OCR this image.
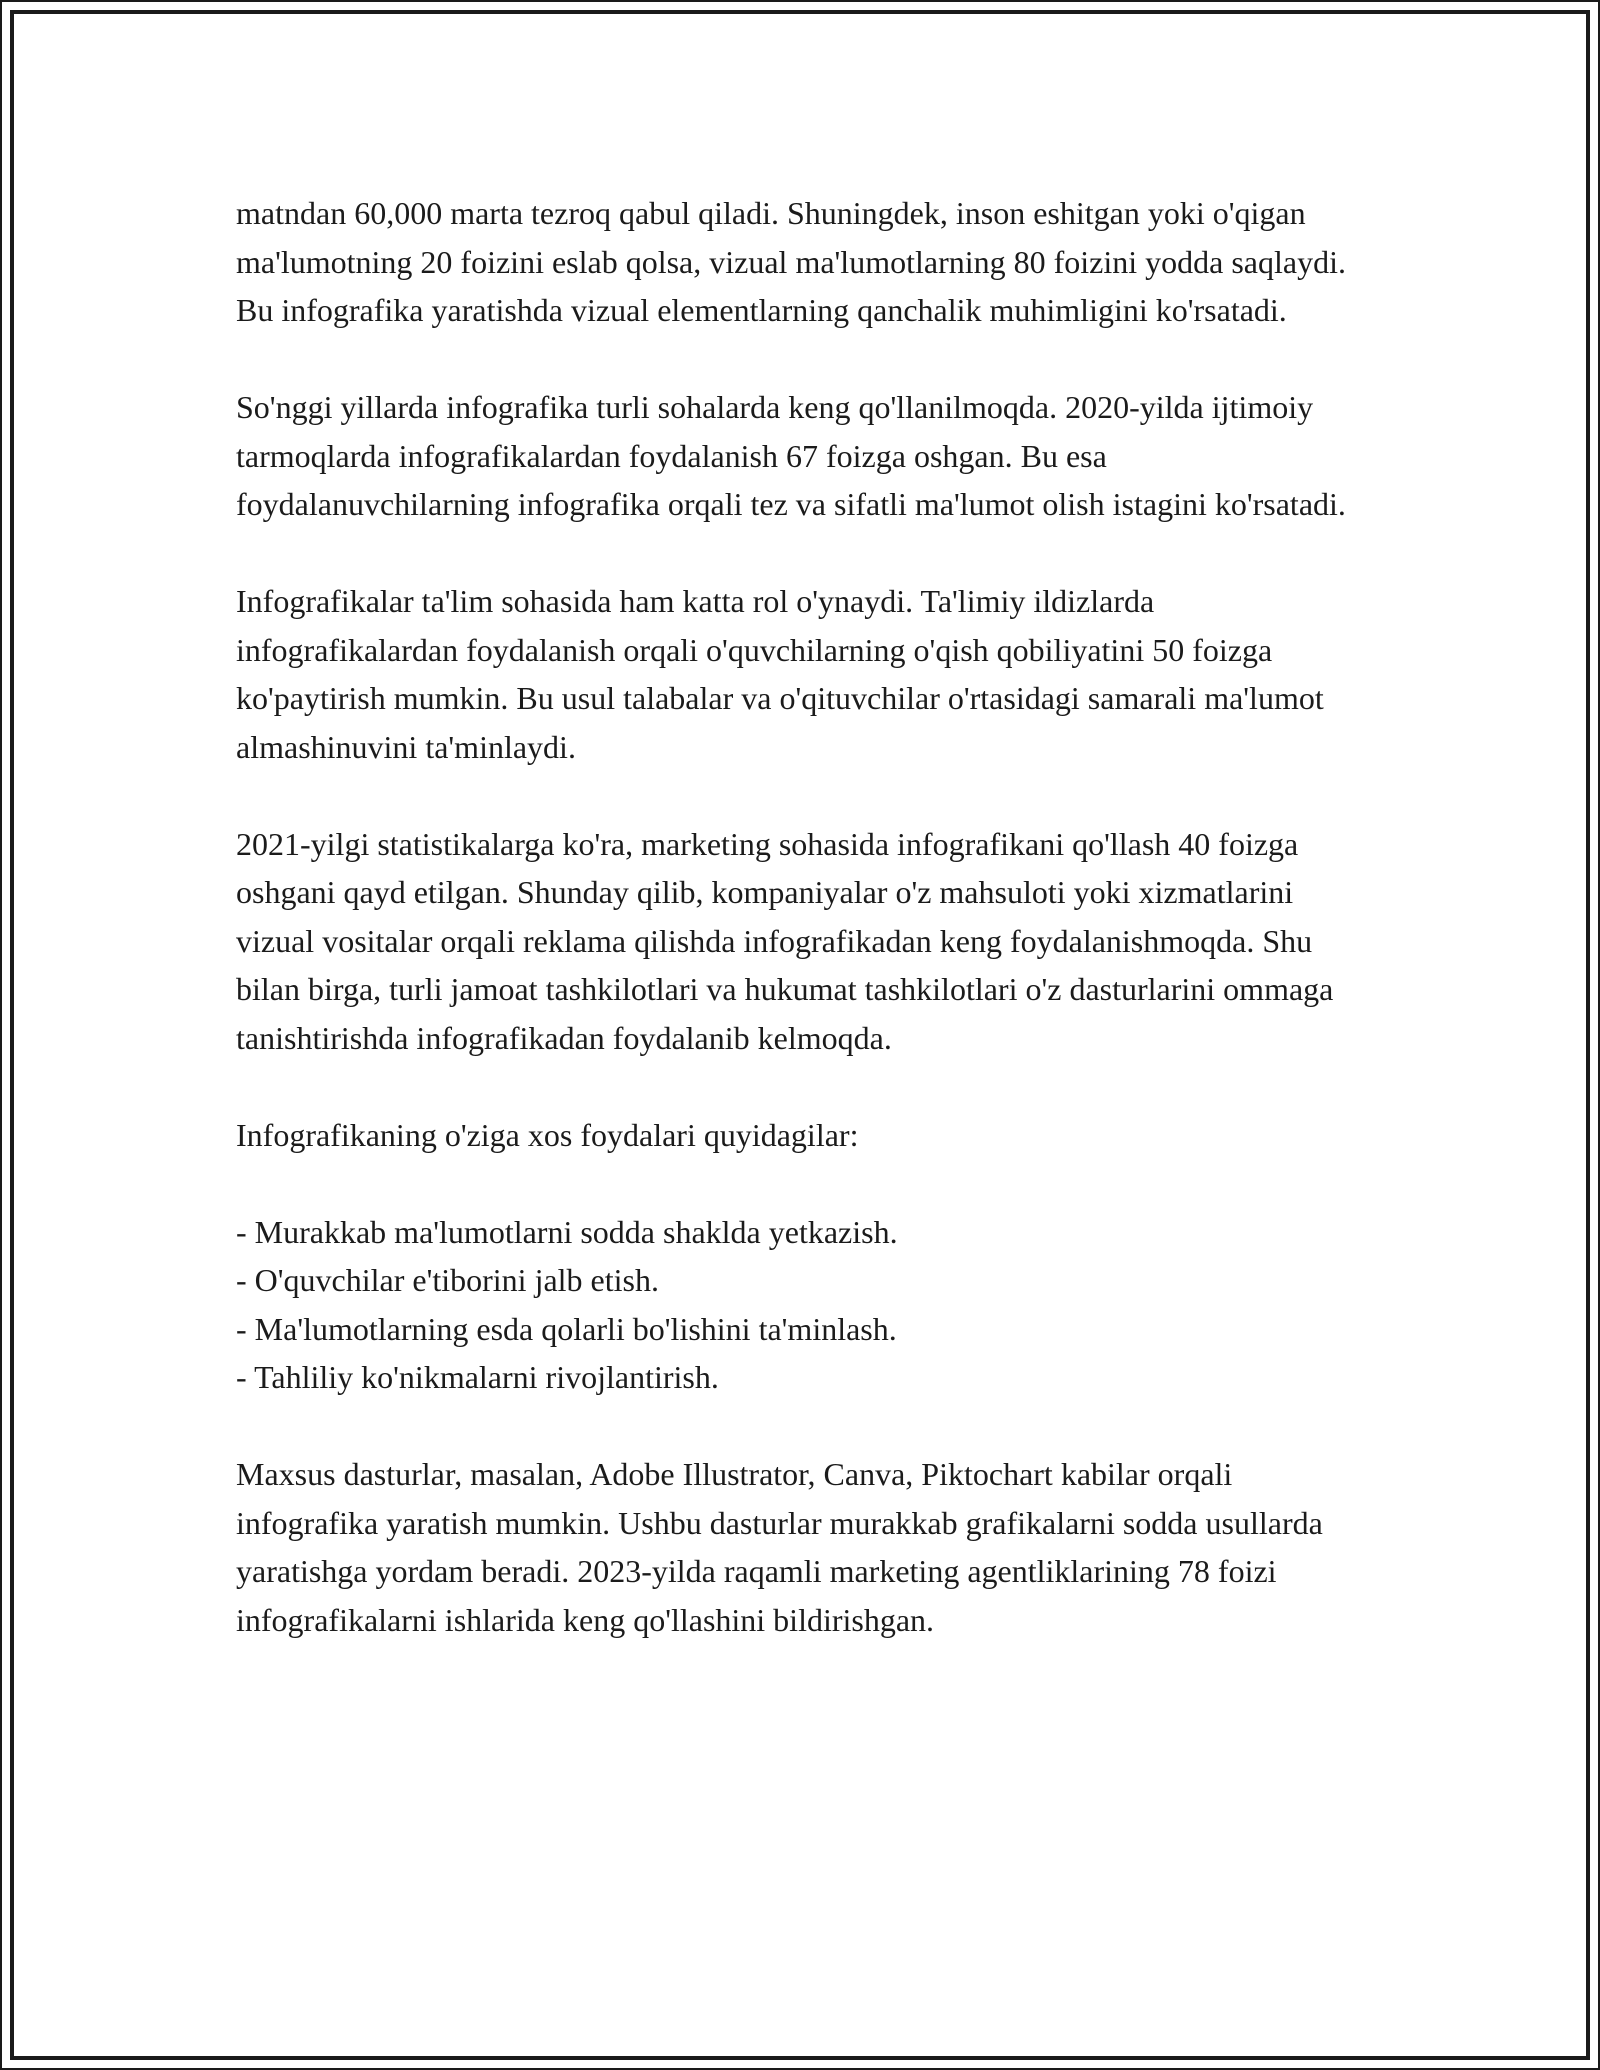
matndan 60,000 marta tezroq qabul qiladi. Shuningdek, inson eshitgan yoki o'qigan ma'lumotning 20 foizini eslab qolsa, vizual ma'lumotlarning 80 foizini yodda saqlaydi. Bu infografika yaratishda vizual elementlarning qanchalik muhimligini ko'rsatadi.

So'nggi yillarda infografika turli sohalarda keng qo'llanilmoqda. 2020-yilda ijtimoiy tarmoqlarda infografikalardan foydalanish 67 foizga oshgan. Bu esa foydalanuvchilarning infografika orqali tez va sifatli ma'lumot olish istagini ko'rsatadi.

Infografikalar ta'lim sohasida ham katta rol o'ynaydi. Ta'limiy ildizlarda infografikalardan foydalanish orqali o'quvchilarning o'qish qobiliyatini 50 foizga ko'paytirish mumkin. Bu usul talabalar va o'qituvchilar o'rtasidagi samarali ma'lumot almashinuvini ta'minlaydi.

2021-yilgi statistikalarga ko'ra, marketing sohasida infografikani qo'llash 40 foizga oshgani qayd etilgan. Shunday qilib, kompaniyalar o'z mahsuloti yoki xizmatlarini vizual vositalar orqali reklama qilishda infografikadan keng foydalanishmoqda. Shu bilan birga, turli jamoat tashkilotlari va hukumat tashkilotlari o'z dasturlarini ommaga tanishtirishda infografikadan foydalanib kelmoqda.

Infografikaning o'ziga xos foydalari quyidagilar:

- Murakkab ma'lumotlarni sodda shaklda yetkazish.
- O'quvchilar e'tiborini jalb etish.
- Ma'lumotlarning esda qolarli bo'lishini ta'minlash.
- Tahliliy ko'nikmalarni rivojlantirish.

Maxsus dasturlar, masalan, Adobe Illustrator, Canva, Piktochart kabilar orqali infografika yaratish mumkin. Ushbu dasturlar murakkab grafikalarni sodda usullarda yaratishga yordam beradi. 2023-yilda raqamli marketing agentliklarining 78 foizi infografikalarni ishlarida keng qo'llashini bildirishgan.
